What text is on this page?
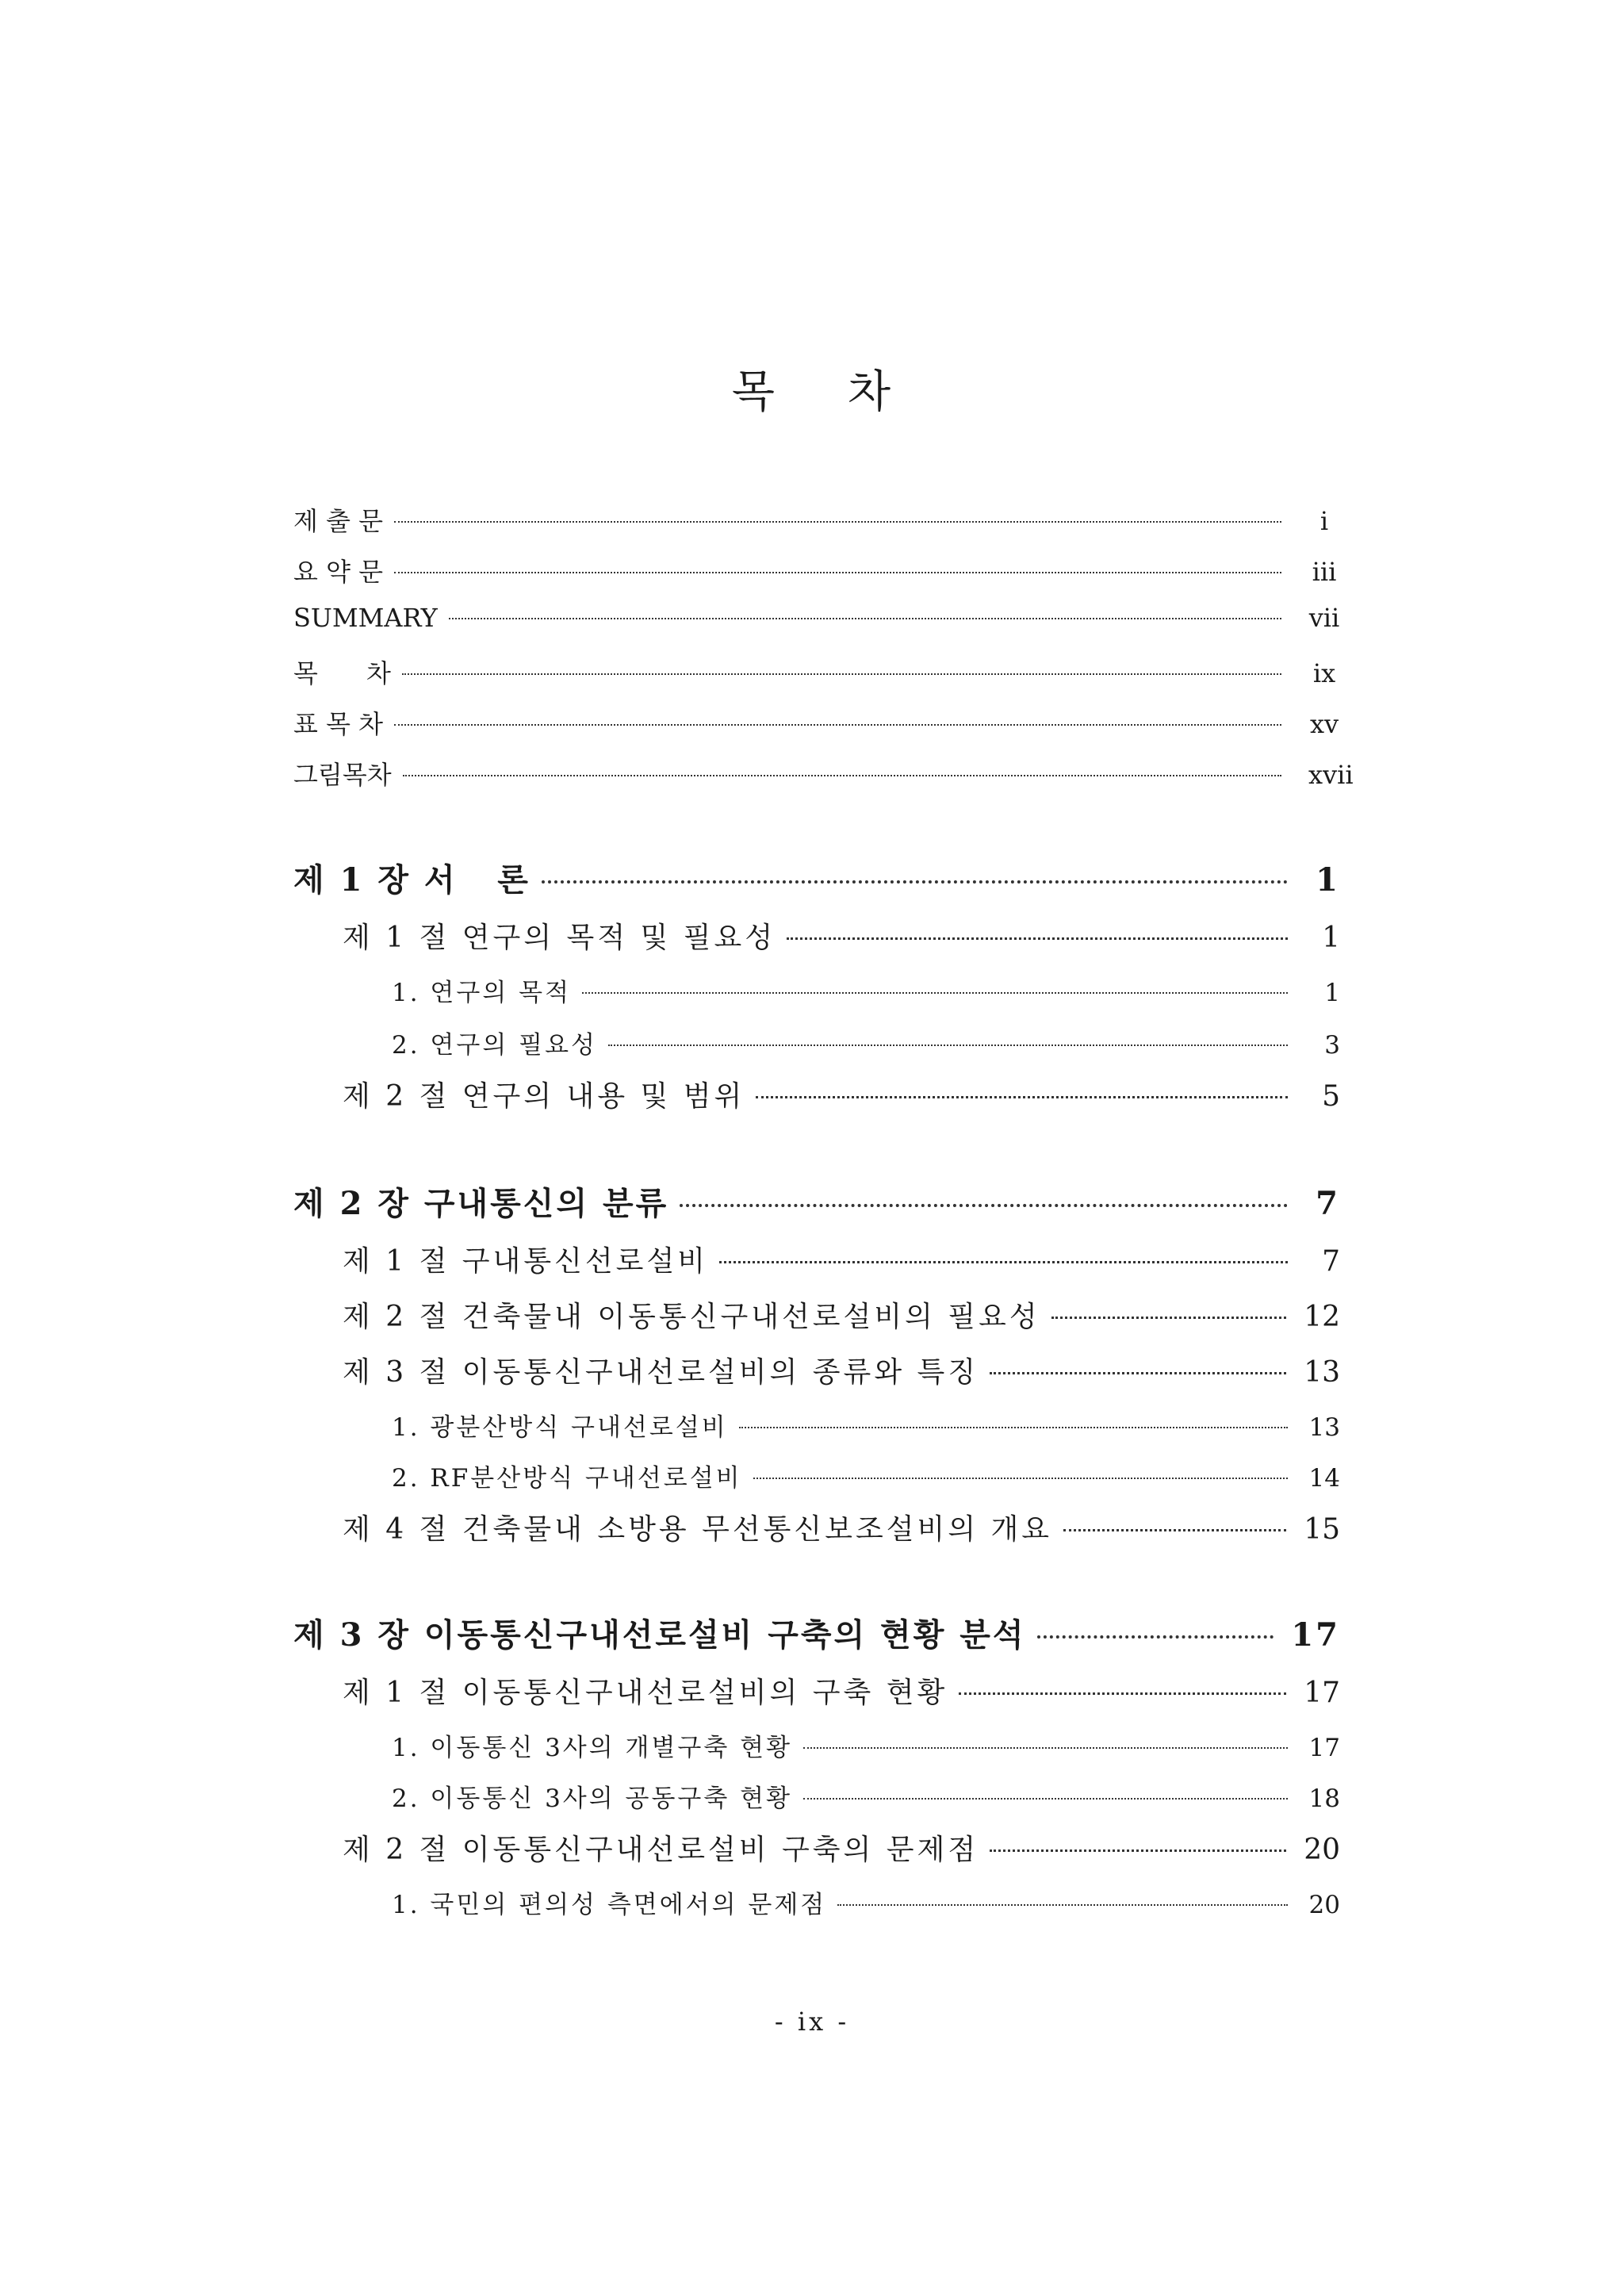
목 차
제 출 문	i
요 약 문	iii
SUMMARY	vii
목      차	ix
표 목 차	xv
그림목차	xvii
제 1 장 서   론	1
제 1 절 연구의 목적 및 필요성	1
1. 연구의 목적	1
2. 연구의 필요성	3
제 2 절 연구의 내용 및 범위	5
제 2 장 구내통신의 분류	7
제 1 절 구내통신선로설비	7
제 2 절 건축물내 이동통신구내선로설비의 필요성	12
제 3 절 이동통신구내선로설비의 종류와 특징	13
1. 광분산방식 구내선로설비	13
2. RF분산방식 구내선로설비	14
제 4 절 건축물내 소방용 무선통신보조설비의 개요	15
제 3 장 이동통신구내선로설비 구축의 현황 분석	17
제 1 절 이동통신구내선로설비의 구축 현황	17
1. 이동통신 3사의 개별구축 현황	17
2. 이동통신 3사의 공동구축 현황	18
제 2 절 이동통신구내선로설비 구축의 문제점	20
1. 국민의 편의성 측면에서의 문제점	20
- ix -
